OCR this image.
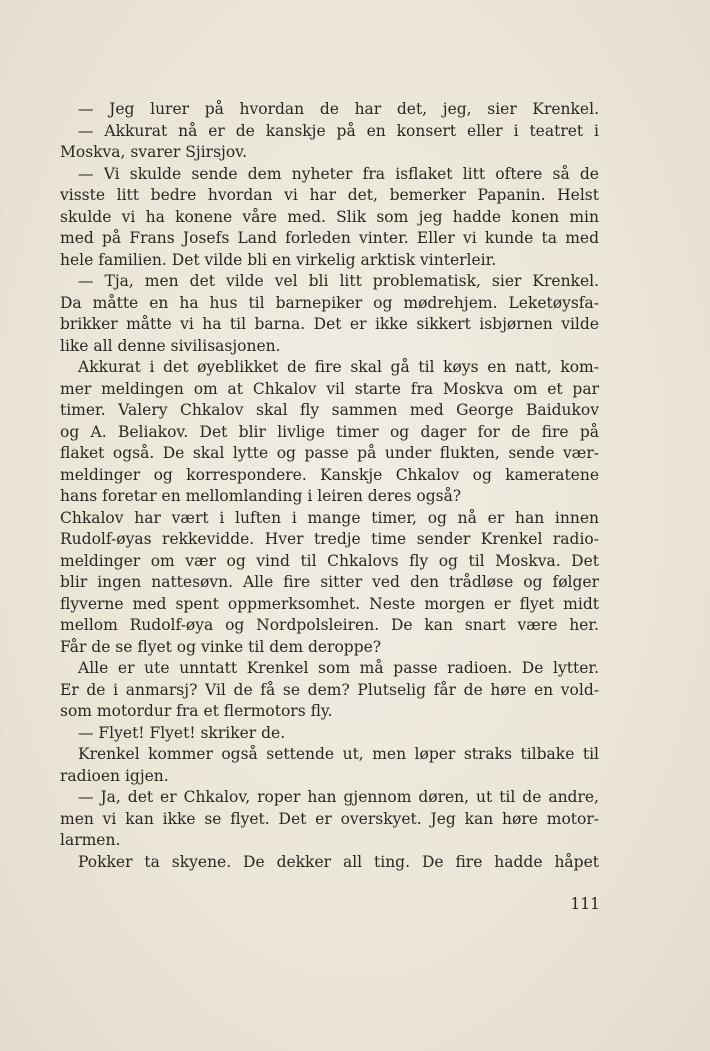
— Jeg lurer på hvordan de har det, jeg, sier Krenkel.
— Akkurat nå er de kanskje på en konsert eller i teatret i
Moskva, svarer Sjirsjov.
— Vi skulde sende dem nyheter fra isflaket litt oftere så de
visste litt bedre hvordan vi har det, bemerker Papanin. Helst
skulde vi ha konene våre med. Slik som jeg hadde konen min
med på Frans Josefs Land forleden vinter. Eller vi kunde ta med
hele familien. Det vilde bli en virkelig arktisk vinterleir.
— Tja, men det vilde vel bli litt problematisk, sier Krenkel.
Da måtte en ha hus til barnepiker og mødrehjem. Leketøysfa-
brikker måtte vi ha til barna. Det er ikke sikkert isbjørnen vilde
like all denne sivilisasjonen.
Akkurat i det øyeblikket de fire skal gå til køys en natt, kom-
mer meldingen om at Chkalov vil starte fra Moskva om et par
timer. Valery Chkalov skal fly sammen med George Baidukov
og A. Beliakov. Det blir livlige timer og dager for de fire på
flaket også. De skal lytte og passe på under flukten, sende vær-
meldinger og korrespondere. Kanskje Chkalov og kameratene
hans foretar en mellomlanding i leiren deres også?
Chkalov har vært i luften i mange timer, og nå er han innen
Rudolf-øyas rekkevidde. Hver tredje time sender Krenkel radio-
meldinger om vær og vind til Chkalovs fly og til Moskva. Det
blir ingen nattesøvn. Alle fire sitter ved den trådløse og følger
flyverne med spent oppmerksomhet. Neste morgen er flyet midt
mellom Rudolf-øya og Nordpolsleiren. De kan snart være her.
Får de se flyet og vinke til dem deroppe?
Alle er ute unntatt Krenkel som må passe radioen. De lytter.
Er de i anmarsj? Vil de få se dem? Plutselig får de høre en vold-
som motordur fra et flermotors fly.
— Flyet! Flyet! skriker de.
Krenkel kommer også settende ut, men løper straks tilbake til
radioen igjen.
— Ja, det er Chkalov, roper han gjennom døren, ut til de andre,
men vi kan ikke se flyet. Det er overskyet. Jeg kan høre motor-
larmen.
Pokker ta skyene. De dekker all ting. De fire hadde håpet
111
